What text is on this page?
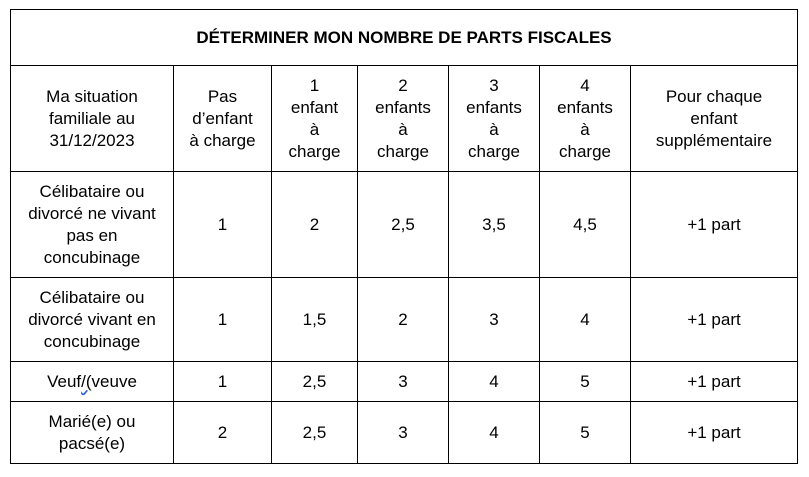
DÉTERMINER MON NOMBRE DE PARTS FISCALES						

Ma situation
familiale au
31/12/2023	Pas
d’enfant
à charge	1
enfant
à
charge	2
enfants
à
charge	3
enfants
à
charge	4
enfants
à
charge	Pour chaque
enfant
supplémentaire

Célibataire ou
divorcé ne vivant
pas en
concubinage	1	2	2,5	3,5	4,5	+1 part

Célibataire ou
divorcé vivant en
concubinage	1	1,5	2	3	4	+1 part
Veuf/(veuve	1	2,5	3	4	5	+1 part

Marié(e) ou
pacsé(e)	2	2,5	3	4	5	+1 part
